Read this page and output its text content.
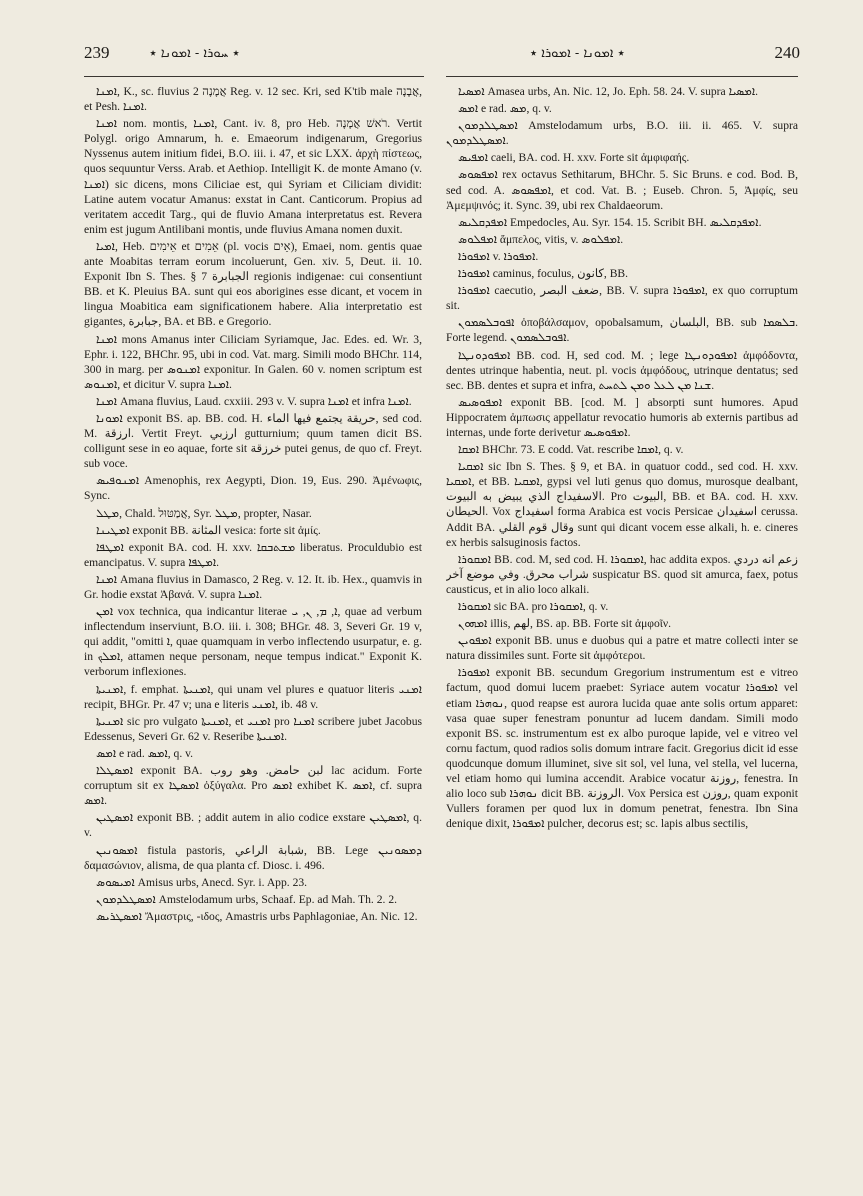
239	٭ ܚܘܪܐ - ܐܡܘܢܐ ٭	٭ ܐܡܘܢܐ - ܐܡܘܪܐ ٭	240

ܐܡܢܐ, K., sc. fluvius אֲמָנָה 2 Reg. v. 12 sec. Kri, sed K'tib male אֲבָנָה, et Pesh. ܐܡܢܐ.

ܐܡܢܐ nom. montis, ܐܡܢܐ, Cant. iv. 8, pro Heb. רֹאשׁ אֲמָנָה. Vertit Polygl. origo Amnarum, h. e. Emaeorum indigenarum, Gregorius Nyssenus autem initium fidei, B.O. iii. i. 47, et sic LXX. ἀρχὴ πίστεως, quos sequuntur Verss. Arab. et Aethiop. Intelligit K. de monte Amano (v. ܐܡܢܐ) sic dicens, mons Ciliciae est, qui Syriam et Ciliciam dividit: Latine autem vocatur Amanus: exstat in Cant. Canticorum. Propius ad veritatem accedit Targ., qui de fluvio Amana interpretatus est. Revera enim est jugum Antilibani montis, unde fluvius Amana nomen duxit.

ܐܡܝܐ, Heb. אֵימִים et אֵמִים (pl. vocis אֵים), Emaei, nom. gentis quae ante Moabitas terram eorum incoluerunt, Gen. xiv. 5, Deut. ii. 10. Exponit Ibn S. Thes. § 7 الجبابرة regionis indigenae: cui consentiunt BB. et K. Pleuius BA. sunt qui eos aborigines esse dicant, et vocem in lingua Moabitica eam significationem habere. Alia interpretatio est gigantes, جبابرة, BA. et BB. e Gregorio.

ܐܡܢܐ mons Amanus inter Ciliciam Syriamque, Jac. Edes. ed. Wr. 3, Ephr. i. 122, BHChr. 95, ubi in cod. Vat. marg. Simili modo BHChr. 114, 300 in marg. per ܐܡܢܘܣ exponitur. In Galen. 60 v. nomen scriptum est ܐܡܢܘܣ, et dicitur V. supra ܐܡܢܐ.

ܐܡܢܐ Amana fluvius, Laud. cxxiii. 293 v. V. supra ܐܡܢܐ et infra ܐܡܢܐ.

ܐܡܘܢܐ exponit BS. ap. BB. cod. H. حريقة يجتمع فيها الماء, sed cod. M. ارزقة. Vertit Freyt. ارزبي gutturnium; quum tamen dicit BS. colligunt sese in eo aquae, forte sit خرزقة putei genus, de quo cf. Freyt. sub voce.

ܐܡܢܘܦܝܣ Amenophis, rex Aegypti, Dion. 19, Eus. 290. Ἀμένωφις, Sync.

ܡܛܠ, Chald. אֲמַטּוּל, Syr. ܡܛܠ, propter, Nasar.

ܐܡܛܝܢܐ exponit BB. المثانة vesica: forte sit ἀμίς.

ܐܡܛܦܐ exponit BA. cod. H. xxv. ܡܫܬܒܩܐ liberatus. Proculdubio est emancipatus. V. supra ܐܡܛܦܐ.

ܐܡܢܐ Amana fluvius in Damasco, 2 Reg. v. 12. It. ib. Hex., quamvis in Gr. hodie exstat Ἀβανά. V. supra ܐܡܢܐ.

ܐܡܢ vox technica, qua indicantur literae ܐ, ܡ, ܢ, ܝ, quae ad verbum inflectendum inserviunt, B.O. iii. i. 308; BHGr. 48. 3, Severi Gr. 19 v, qui addit, "omitti ܐ, quae quamquam in verbo inflectendo usurpatur, e. g. in ܐܡܠܟ, attamen neque personam, neque tempus indicat." Exponit K. verborum inflexiones.

ܐܡܢܝܬܐ, f. emphat. ܐܡܢܝܬܐ, qui unam vel plures e quatuor literis ܐܡܢܝ recipit, BHGr. Pr. 47 v; una e literis ܐܡܢܝ, ib. 48 v.

ܐܡܢܝܬܐ sic pro vulgato ܐܡܢܝܬܐ, et ܐܡܢܝ pro ܐܡܢܐ scribere jubet Jacobus Edessenus, Severi Gr. 62 v. Reseribe ܐܡܢܝܬܐ.

ܐܡܣ e rad. ܐܡܣ, q. v.

ܐܡܣܛܠܐ exponit BA. لبن حامض. وهو روب lac acidum. Forte corruptum sit ex ܐܡܣܛܐ ὀξύγαλα. Pro ܐܡܣ exhibet K. ܐܡܣ, cf. supra ܐܡܣ.

ܐܡܣܛܝܢ exponit BB. ; addit autem in alio codice exstare ܐܡܣܛܝܢ, q. v.

ܐܡܣܘܢܝܢ fistula pastoris, شبابة الراعي, BB. Lege ܕܡܣܘܢܝܢ δαμασώνιον, alisma, de qua planta cf. Diosc. i. 496.

ܐܡܝܣܘܣ Amisus urbs, Anecd. Syr. i. App. 23.

ܐܡܣܛܠܕܡܘܢ Amstelodamum urbs, Schaaf. Ep. ad Mah. Th. 2. 2.

ܐܡܣܛܪܝܣ Ἄμαστρις, -ιδος, Amastris urbs Paphlagoniae, An. Nic. 12.

ܐܡܣܝܐ Amasea urbs, An. Nic. 12, Jo. Eph. 58. 24. V. supra ܐܡܣܝܐ.

ܐܡܣ e rad. ܡܣ, q. v.

ܐܡܣܛܠܕܡܘܢ Amstelodamum urbs, B.O. iii. ii. 465. V. supra ܐܡܣܛܠܕܡܘܢ.

ܐܡܦܝܣ caeli, BA. cod. H. xxv. Forte sit ἀμφιφαής.

ܐܡܦܣܘܣ rex octavus Sethitarum, BHChr. 5. Sic Bruns. e cod. Bod. B, sed cod. A. ܐܡܦܣܘܣ, et cod. Vat. B. ; Euseb. Chron. 5, Ἀμφίς, seu Ἀμεμψινός; it. Sync. 39, ubi rex Chaldaeorum.

ܐܡܦܕܩܠܝܣ Empedocles, Au. Syr. 154. 15. Scribit BH. ܐܡܦܕܩܠܝܣ.

ܐܡܦܠܘܣ ἄμπελος, vitis, v. ܐܡܦܠܘܣ.

ܐܡܦܘܪܐ v. ܐܡܦܘܪܐ.

ܐܡܦܘܪܐ caminus, foculus, كانون, BB.

ܐܡܦܘܪܐ caecutio, ضعف البصر, BB. V. supra ܐܡܦܘܪܐ, ex quo corruptum sit.

ܐܦܘܒܠܣܡܘܢ ὀποβάλσαμον, opobalsamum, البلسان, BB. sub ܒܠܣܡܐ. Forte legend. ܐܦܘܒܠܣܡܘܢ.

ܐܡܦܘܕܘܢܛܐ BB. cod. H, sed cod. M. ; lege ܐܡܦܘܕܘܢܛܐ ἀμφόδοντα, dentes utrinque habentia, neut. pl. vocis ἀμφόδους, utrinque dentatus; sed sec. BB. dentes et supra et infra, ܫܢܐ ܡܢ ܠܥܠ ܘܡܢ ܠܬܚܬ.

ܐܡܦܘܣܝܣ exponit BB. [cod. M. ] absorpti sunt humores. Apud Hippocratem ἀμπωσις appellatur revocatio humoris ab externis partibus ad internas, unde forte derivetur ܐܡܦܘܣܝܣ.

ܐܡܩܐ BHChr. 73. E codd. Vat. rescribe ܐܡܩܐ, q. v.

ܐܡܩܝܐ sic Ibn S. Thes. § 9, et BA. in quatuor codd., sed cod. H. xxv. ܐܡܩܝܐ, et BB. ܐܡܩܝܐ, gypsi vel luti genus quo domus, murosque dealbant, الاسفيداج الذي يبيض به البيوت. Pro البيوت, BB. et BA. cod. H. xxv. الحيطان. Vox اسفيداج forma Arabica est vocis Persicae اسفيدان cerussa. Addit BA. وقال قوم القلي sunt qui dicant vocem esse alkali, h. e. cineres ex herbis salsuginosis factos.

ܐܡܩܘܪܐ BB. cod. M, sed cod. H. ܐܡܩܘܪܐ, hac addita expos. زعم انه دردي شراب محرق. وفي موضع آخر suspicatur BS. quod sit amurca, faex, potus causticus, et in alio loco alkali.

ܐܡܩܘܪܐ sic BA. pro ܐܡܩܘܪܐ, q. v.

ܐܡܗܘܢ illis, لهم, BS. ap. BB. Forte sit ἀμφοῖν.

ܐܡܦܘܝܢ exponit BB. unus e duobus qui a patre et matre collecti inter se natura dissimiles sunt. Forte sit ἀμφότεροι.

ܐܡܦܘܪܐ exponit BB. secundum Gregorium instrumentum est e vitreo factum, quod domui lucem praebet: Syriace autem vocatur ܐܡܦܘܪܐ vel etiam ܢܘܗܪܐ, quod reapse est aurora lucida quae ante solis ortum apparet: vasa quae super fenestram ponuntur ad lucem dandam. Simili modo exponit BS. sc. instrumentum est ex albo puroque lapide, vel e vitreo vel cornu factum, quod radios solis domum intrare facit. Gregorius dicit id esse quodcunque domum illuminet, sive sit sol, vel luna, vel stella, vel lucerna, vel etiam homo qui lumina accendit. Arabice vocatur روزنة, fenestra. In alio loco sub ܢܘܗܪܐ dicit BB. الروزنة. Vox Persica est روزن, quam exponit Vullers foramen per quod lux in domum penetrat, fenestra. Ibn Sina denique dixit, ܐܡܦܘܪܐ pulcher, decorus est; sc. lapis albus sectilis,
